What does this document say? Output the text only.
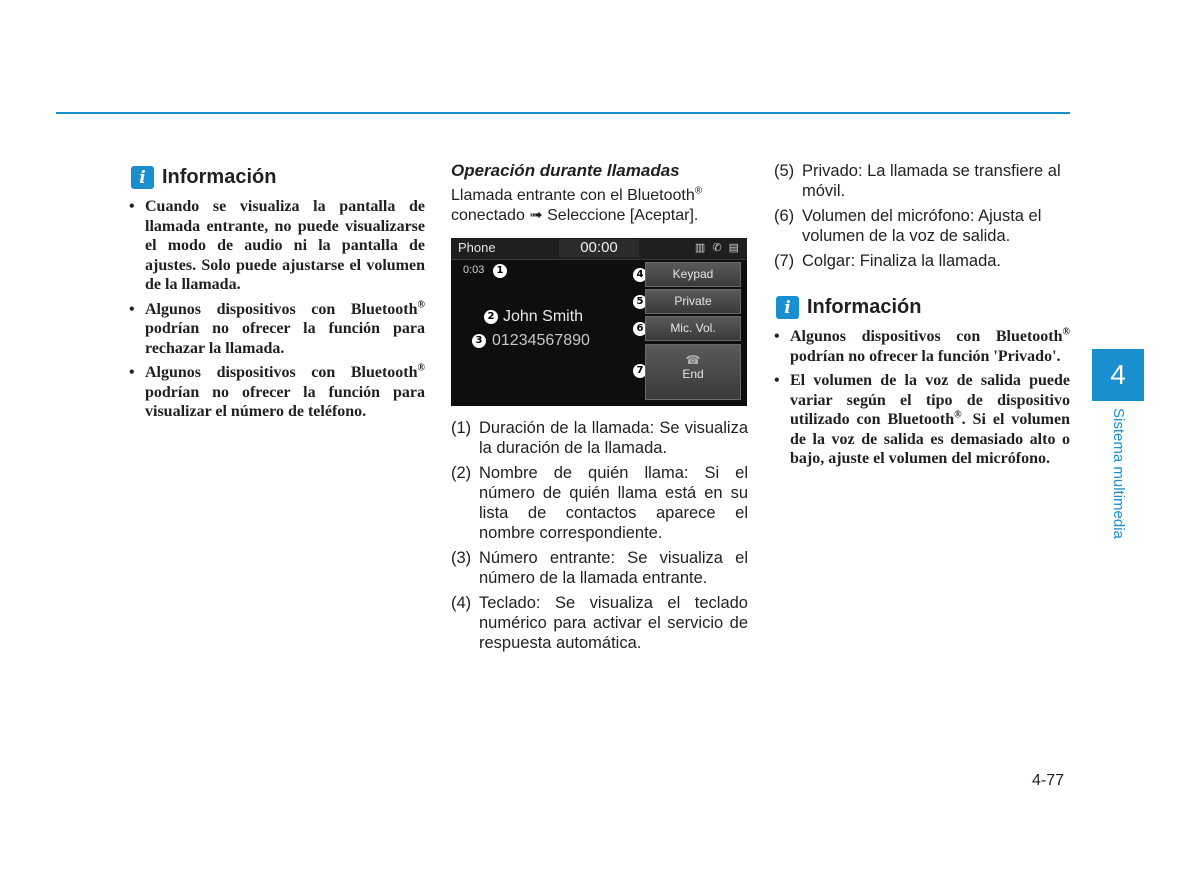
i Información
• Cuando se visualiza la pantalla de llamada entrante, no puede visualizarse el modo de audio ni la pantalla de ajustes. Solo puede ajustarse el volumen de la llamada.
• Algunos dispositivos con Bluetooth® podrían no ofrecer la función para rechazar la llamada.
• Algunos dispositivos con Bluetooth® podrían no ofrecer la función para visualizar el número de teléfono.
Operación durante llamadas
Llamada entrante con el Bluetooth®
conectado ➟ Seleccione [Aceptar].
Phone	00:00	▥ ✆ ▤
0:03	1
2 John Smith
3 01234567890
4	Keypad
5	Private
6	Mic. Vol.
7
☎
End
(1) Duración de la llamada: Se visualiza la duración de la llamada.
(2) Nombre de quién llama: Si el número de quién llama está en su lista de contactos aparece el nombre correspondiente.
(3) Número entrante: Se visualiza el número de la llamada entrante.
(4) Teclado: Se visualiza el teclado numérico para activar el servicio de respuesta automática.
(5) Privado: La llamada se transfiere al móvil.
(6) Volumen del micrófono: Ajusta el volumen de la voz de salida.
(7) Colgar: Finaliza la llamada.
i Información
• Algunos dispositivos con Bluetooth® podrían no ofrecer la función 'Privado'.
• El volumen de la voz de salida puede variar según el tipo de dispositivo utilizado con Bluetooth®. Si el volumen de la voz de salida es demasiado alto o bajo, ajuste el volumen del micrófono.
4
Sistema multimedia
4-77
